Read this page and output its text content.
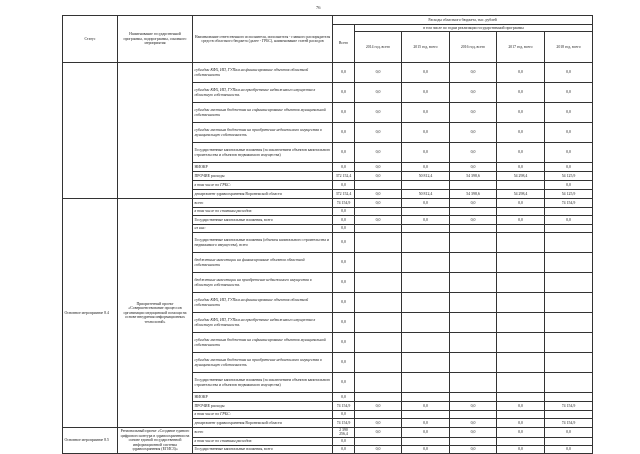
76
Статус	Наименование государственной программы, подпрограммы, основного мероприятия	Наименование ответственного исполнителя, исполнителя - главного распорядителя средств областного бюджета (далее - ГРБС), наименование статей расходов	Расходы областного бюджета, тыс. рублей					
			Всего	в том числе по годам реализации государственной программы				
				2014 год, всего	2015 год, всего	2016 год, всего	2017 год, всего	2018 год, всего
		субсидии КФХ, ИП, ГУПам на финансирование объектов областной собственности	0,0	0,0	0,0	0,0	0,0	0,0
		субсидии КФХ, ИП, ГУПам на приобретение недвижимого имущества в областную собственность	0,0	0,0	0,0	0,0	0,0	0,0
		субсидии местным бюджетам на софинансирование объектов муниципальной собственности	0,0	0,0	0,0	0,0	0,0	0,0
		субсидии местным бюджетам на приобретение недвижимого имущества в муниципальную собственность	0,0	0,0	0,0	0,0	0,0	0,0
		Государственные капитальные вложения (за исключением объектов капитального строительства и объектов недвижимого имущества)	0,0	0,0	0,0	0,0	0,0	0,0
		НИОКР	0,0	0,0	0,0	0,0	0,0	0,0
		ПРОЧИЕ расходы	372 152,4	0,0	50 812,4	54 398,6	54 298,4	54 125,9
		в том числе по ГРБС:	0,0					0,0
		департамент здравоохранения Воронежской области	372 152,4	0,0	50 812,4	54 398,6	54 298,4	54 125,9
Основное мероприятие 8.4	Приоритетный проект «Совершенствование процессов организации медицинской помощи на основе внедрения информационных технологий»	всего	74 154,9	0,0	0,0	0,0	0,0	74 154,9
		в том числе по статьям расходов:	0,0					
		Государственные капитальные вложения, всего	0,0	0,0	0,0	0,0	0,0	0,0
		из них:	0,0					
		Государственные капитальные вложения (объекты капитального строительства и недвижимого имущества), всего	0,0					
		бюджетные инвестиции на финансирование объектов областной собственности	0,0					
		бюджетные инвестиции на приобретение недвижимого имущества в областную собственность	0,0					
		субсидии КФХ, ИП, ГУПам на финансирование объектов областной собственности	0,0					
		субсидии КФХ, ИП, ГУПам на приобретение недвижимого имущества в областную собственность	0,0					
		субсидии местным бюджетам на софинансирование объектов муниципальной собственности	0,0					
		субсидии местным бюджетам на приобретение недвижимого имущества в муниципальную собственность	0,0					
		Государственные капитальные вложения (за исключением объектов капитального строительства и объектов недвижимого имущества)	0,0					
		НИОКР	0,0					
		ПРОЧИЕ расходы	74 154,9	0,0	0,0	0,0	0,0	74 154,9
		в том числе по ГРБС:	0,0					
		департамент здравоохранения Воронежской области	74 154,9	0,0	0,0	0,0	0,0	74 154,9
Основное мероприятие 8.5	Региональный проект «Создание единого цифрового контура в здравоохранении на основе единой государственной информационной системы здравоохранения (ЕГИСЗ)»	всего	2 390 256,4	0,0	0,0	0,0	0,0	0,0
		в том числе по статьям расходов:	0,0					
		Государственные капитальные вложения, всего	0,0	0,0	0,0	0,0	0,0	0,0
